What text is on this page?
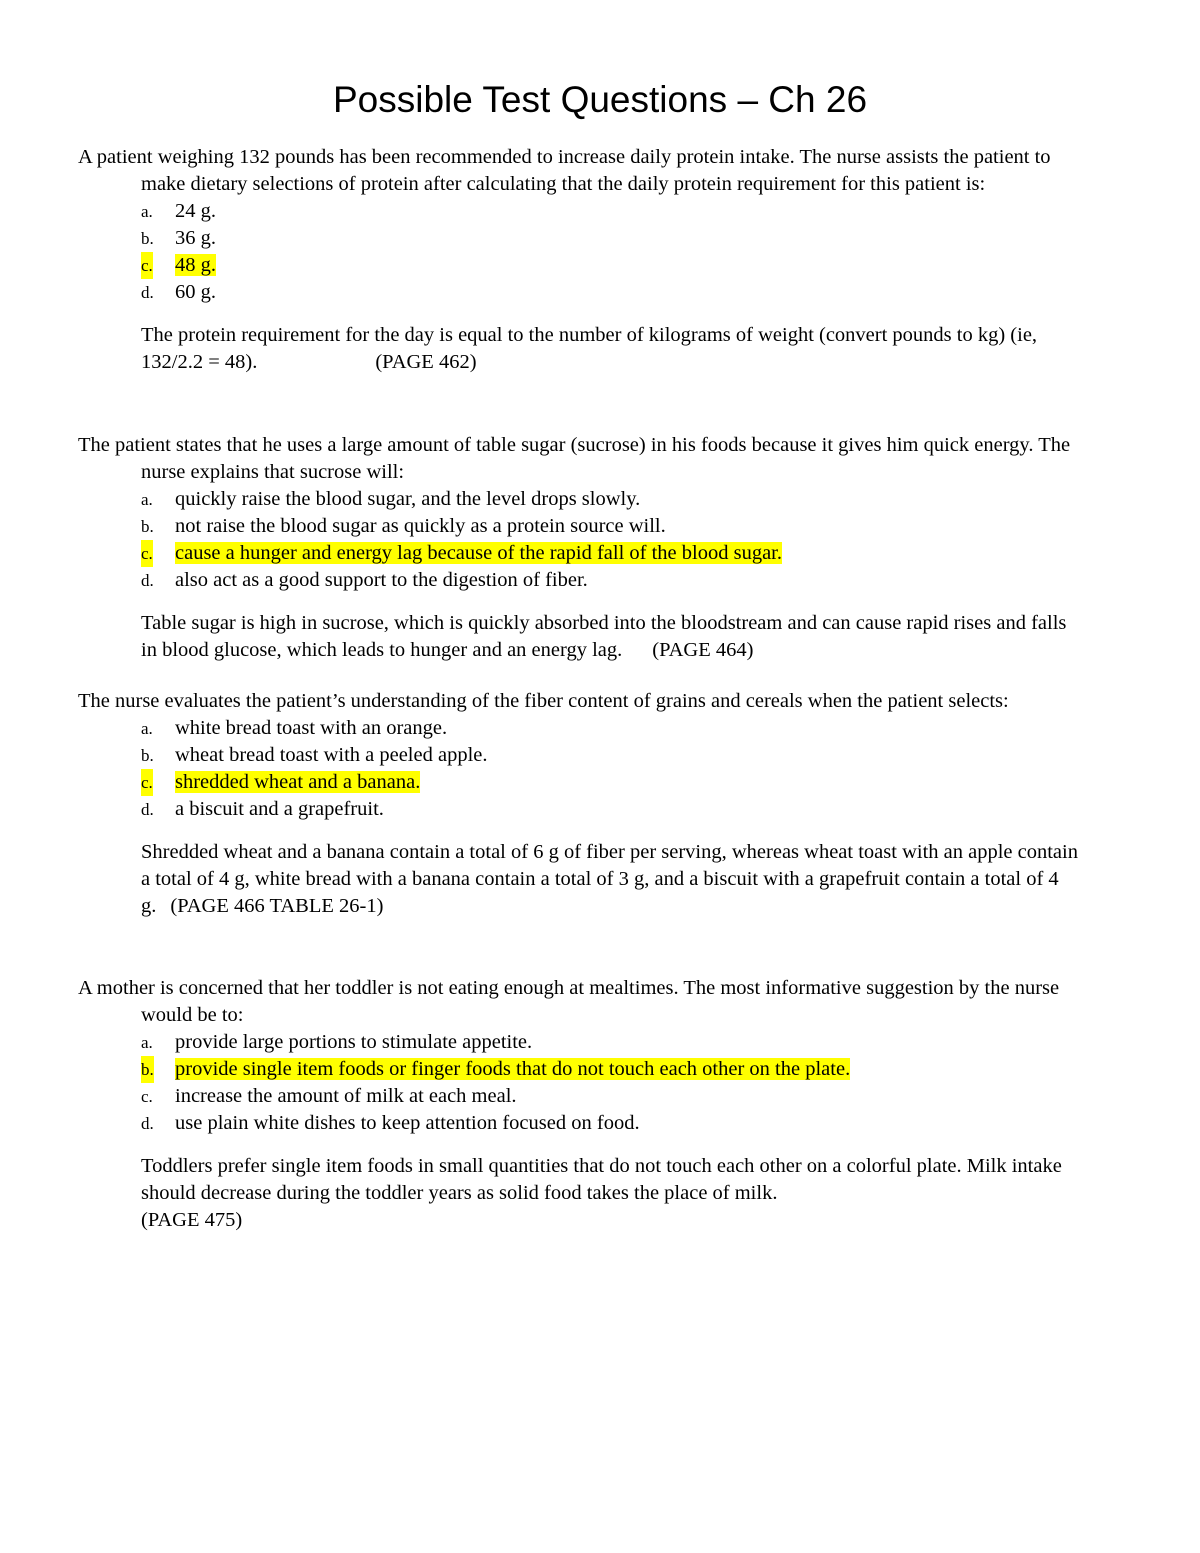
Possible Test Questions – Ch 26

A patient weighing 132 pounds has been recommended to increase daily protein intake. The nurse assists the patient to make dietary selections of protein after calculating that the daily protein requirement for this patient is:

a. 24 g.
b. 36 g.
c. 48 g.
d. 60 g.

The protein requirement for the day is equal to the number of kilograms of weight (convert pounds to kg) (ie, 132/2.2 = 48).	(PAGE 462)

The patient states that he uses a large amount of table sugar (sucrose) in his foods because it gives him quick energy. The nurse explains that sucrose will:

a. quickly raise the blood sugar, and the level drops slowly.
b. not raise the blood sugar as quickly as a protein source will.
c. cause a hunger and energy lag because of the rapid fall of the blood sugar.
d. also act as a good support to the digestion of fiber.

Table sugar is high in sucrose, which is quickly absorbed into the bloodstream and can cause rapid rises and falls in blood glucose, which leads to hunger and an energy lag. (PAGE 464)

The nurse evaluates the patient’s understanding of the fiber content of grains and cereals when the patient selects:

a. white bread toast with an orange.
b. wheat bread toast with a peeled apple.
c. shredded wheat and a banana.
d. a biscuit and a grapefruit.

Shredded wheat and a banana contain a total of 6 g of fiber per serving, whereas wheat toast with an apple contain a total of 4 g, white bread with a banana contain a total of 3 g, and a biscuit with a grapefruit contain a total of 4 g. (PAGE 466 TABLE 26-1)

A mother is concerned that her toddler is not eating enough at mealtimes. The most informative suggestion by the nurse would be to:

a. provide large portions to stimulate appetite.
b. provide single item foods or finger foods that do not touch each other on the plate.
c. increase the amount of milk at each meal.
d. use plain white dishes to keep attention focused on food.

Toddlers prefer single item foods in small quantities that do not touch each other on a colorful plate. Milk intake should decrease during the toddler years as solid food takes the place of milk.
(PAGE 475)
